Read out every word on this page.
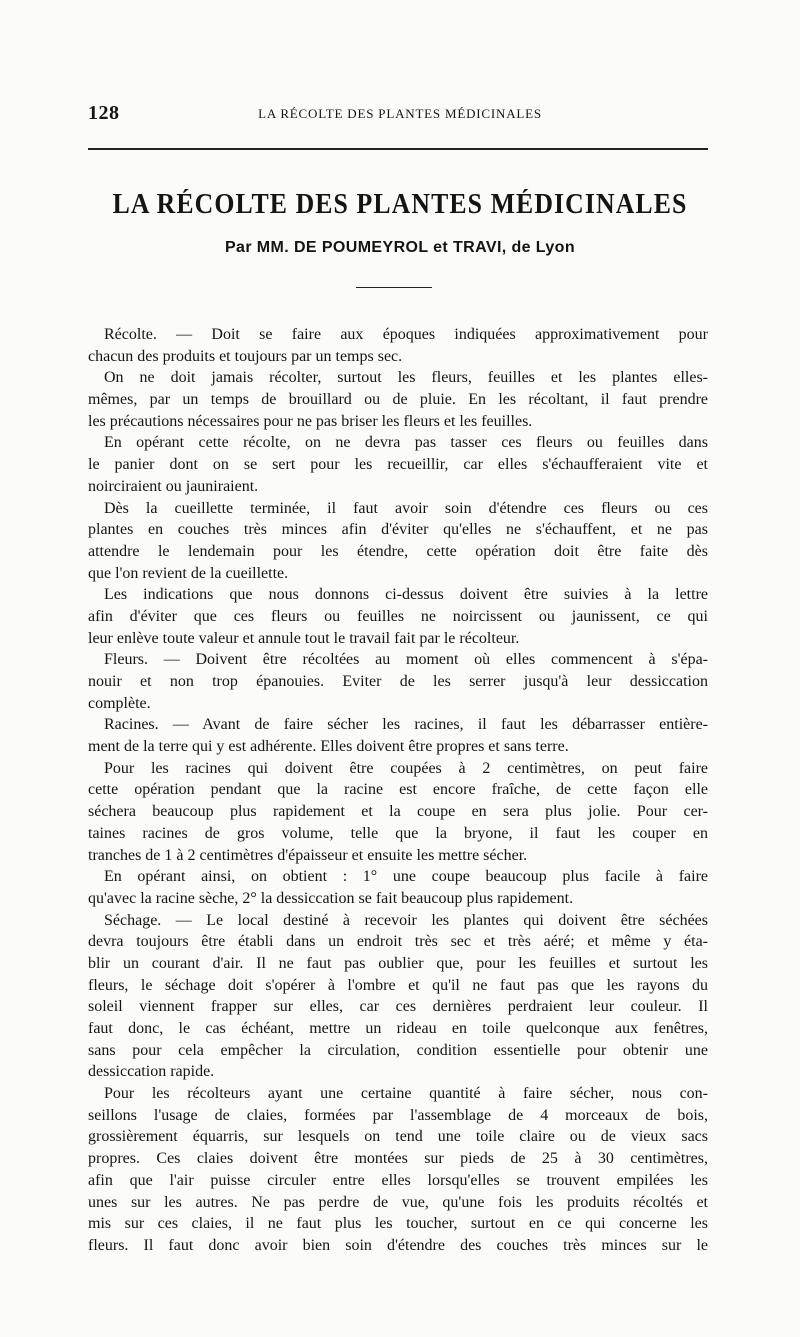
128	LA RÉCOLTE DES PLANTES MÉDICINALES
LA RÉCOLTE DES PLANTES MÉDICINALES
Par MM. DE POUMEYROL et TRAVI, de Lyon
Récolte. — Doit se faire aux époques indiquées approximativement pour
chacun des produits et toujours par un temps sec.
On ne doit jamais récolter, surtout les fleurs, feuilles et les plantes elles-
mêmes, par un temps de brouillard ou de pluie. En les récoltant, il faut prendre
les précautions nécessaires pour ne pas briser les fleurs et les feuilles.
En opérant cette récolte, on ne devra pas tasser ces fleurs ou feuilles dans
le panier dont on se sert pour les recueillir, car elles s'échaufferaient vite et
noirciraient ou jauniraient.
Dès la cueillette terminée, il faut avoir soin d'étendre ces fleurs ou ces
plantes en couches très minces afin d'éviter qu'elles ne s'échauffent, et ne pas
attendre le lendemain pour les étendre, cette opération doit être faite dès
que l'on revient de la cueillette.
Les indications que nous donnons ci-dessus doivent être suivies à la lettre
afin d'éviter que ces fleurs ou feuilles ne noircissent ou jaunissent, ce qui
leur enlève toute valeur et annule tout le travail fait par le récolteur.
Fleurs. — Doivent être récoltées au moment où elles commencent à s'épa-
nouir et non trop épanouies. Eviter de les serrer jusqu'à leur dessiccation
complète.
Racines. — Avant de faire sécher les racines, il faut les débarrasser entière-
ment de la terre qui y est adhérente. Elles doivent être propres et sans terre.
Pour les racines qui doivent être coupées à 2 centimètres, on peut faire
cette opération pendant que la racine est encore fraîche, de cette façon elle
séchera beaucoup plus rapidement et la coupe en sera plus jolie. Pour cer-
taines racines de gros volume, telle que la bryone, il faut les couper en
tranches de 1 à 2 centimètres d'épaisseur et ensuite les mettre sécher.
En opérant ainsi, on obtient : 1° une coupe beaucoup plus facile à faire
qu'avec la racine sèche, 2° la dessiccation se fait beaucoup plus rapidement.
Séchage. — Le local destiné à recevoir les plantes qui doivent être séchées
devra toujours être établi dans un endroit très sec et très aéré; et même y éta-
blir un courant d'air. Il ne faut pas oublier que, pour les feuilles et surtout les
fleurs, le séchage doit s'opérer à l'ombre et qu'il ne faut pas que les rayons du
soleil viennent frapper sur elles, car ces dernières perdraient leur couleur. Il
faut donc, le cas échéant, mettre un rideau en toile quelconque aux fenêtres,
sans pour cela empêcher la circulation, condition essentielle pour obtenir une
dessiccation rapide.
Pour les récolteurs ayant une certaine quantité à faire sécher, nous con-
seillons l'usage de claies, formées par l'assemblage de 4 morceaux de bois,
grossièrement équarris, sur lesquels on tend une toile claire ou de vieux sacs
propres. Ces claies doivent être montées sur pieds de 25 à 30 centimètres,
afin que l'air puisse circuler entre elles lorsqu'elles se trouvent empilées les
unes sur les autres. Ne pas perdre de vue, qu'une fois les produits récoltés et
mis sur ces claies, il ne faut plus les toucher, surtout en ce qui concerne les
fleurs. Il faut donc avoir bien soin d'étendre des couches très minces sur le
